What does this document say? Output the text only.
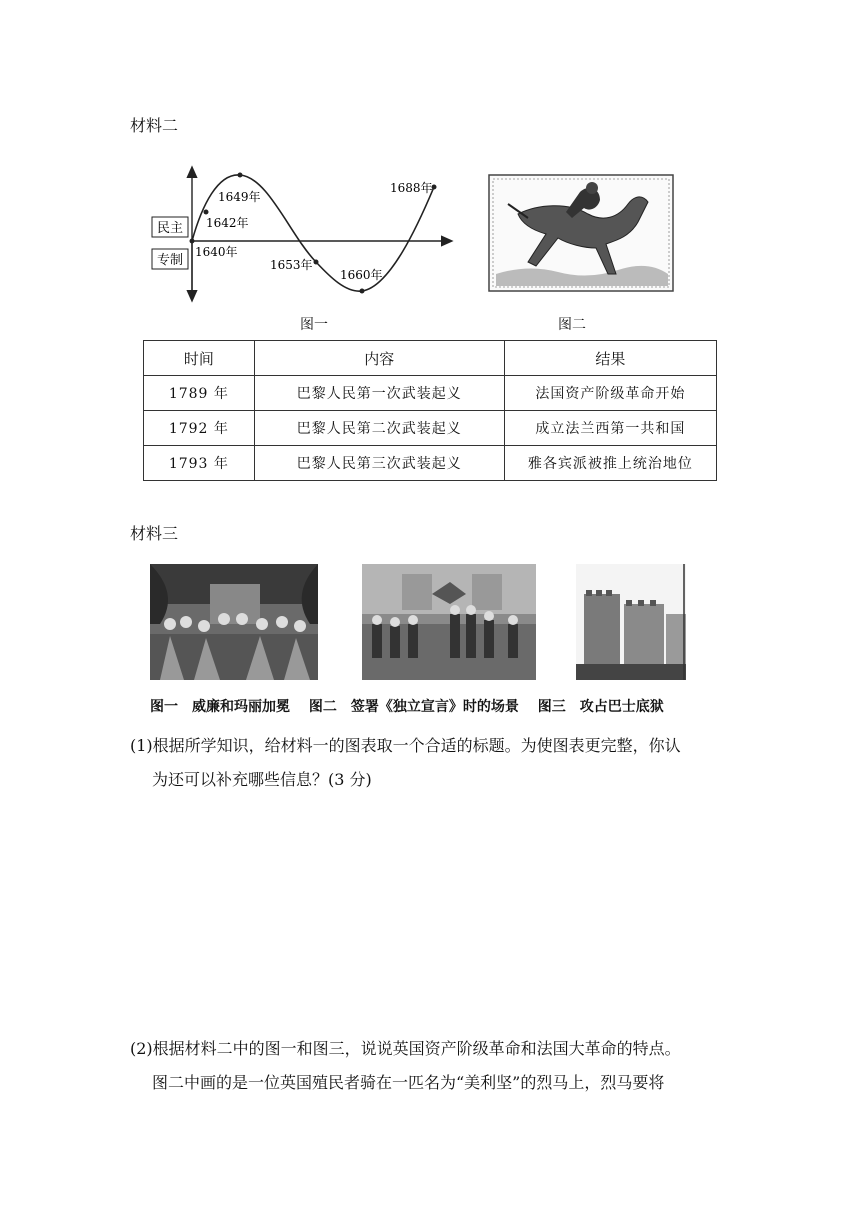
材料二
民主
专制
1640年
1642年
1649年
1653年
1660年
1688年
图一	图二
时间	内容	结果
1789 年	巴黎人民第一次武装起义	法国资产阶级革命开始
1792 年	巴黎人民第二次武装起义	成立法兰西第一共和国
1793 年	巴黎人民第三次武装起义	雅各宾派被推上统治地位
材料三
图一　威廉和玛丽加冕 图二　签署《独立宣言》时的场景 图三　攻占巴士底狱
(1)根据所学知识，给材料一的图表取一个合适的标题。为使图表更完整，你认
为还可以补充哪些信息？(3 分)
(2)根据材料二中的图一和图三，说说英国资产阶级革命和法国大革命的特点。
图二中画的是一位英国殖民者骑在一匹名为“美利坚”的烈马上，烈马要将
